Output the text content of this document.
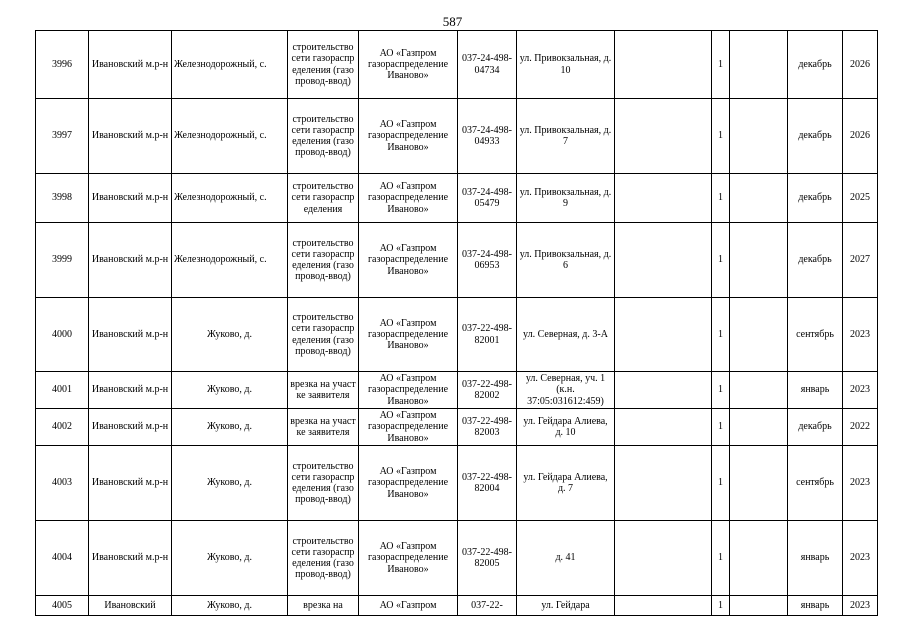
587
3996	Ивановский м.р-н	Железнодорожный, с.	строительство сети газораспределения (газопровод-ввод)	АО «Газпром газораспределение Иваново»	037-24-498-04734	ул. Привокзальная, д. 10		1		декабрь	2026
3997	Ивановский м.р-н	Железнодорожный, с.	строительство сети газораспределения (газопровод-ввод)	АО «Газпром газораспределение Иваново»	037-24-498-04933	ул. Привокзальная, д. 7		1		декабрь	2026
3998	Ивановский м.р-н	Железнодорожный, с.	строительство сети газораспределения	АО «Газпром газораспределение Иваново»	037-24-498-05479	ул. Привокзальная, д. 9		1		декабрь	2025
3999	Ивановский м.р-н	Железнодорожный, с.	строительство сети газораспределения (газопровод-ввод)	АО «Газпром газораспределение Иваново»	037-24-498-06953	ул. Привокзальная, д. 6		1		декабрь	2027
4000	Ивановский м.р-н	Жуково, д.	строительство сети газораспределения (газопровод-ввод)	АО «Газпром газораспределение Иваново»	037-22-498-82001	ул. Северная, д. 3-А		1		сентябрь	2023
4001	Ивановский м.р-н	Жуково, д.	врезка на участке заявителя	АО «Газпром газораспределение Иваново»	037-22-498-82002	ул. Северная, уч. 1 (к.н. 37:05:031612:459)		1		январь	2023
4002	Ивановский м.р-н	Жуково, д.	врезка на участке заявителя	АО «Газпром газораспределение Иваново»	037-22-498-82003	ул. Гейдара Алиева, д. 10		1		декабрь	2022
4003	Ивановский м.р-н	Жуково, д.	строительство сети газораспределения (газопровод-ввод)	АО «Газпром газораспределение Иваново»	037-22-498-82004	ул. Гейдара Алиева, д. 7		1		сентябрь	2023
4004	Ивановский м.р-н	Жуково, д.	строительство сети газораспределения (газопровод-ввод)	АО «Газпром газораспределение Иваново»	037-22-498-82005	д. 41		1		январь	2023
4005	Ивановский	Жуково, д.	врезка на	АО «Газпром	037-22-	ул. Гейдара		1		январь	2023
